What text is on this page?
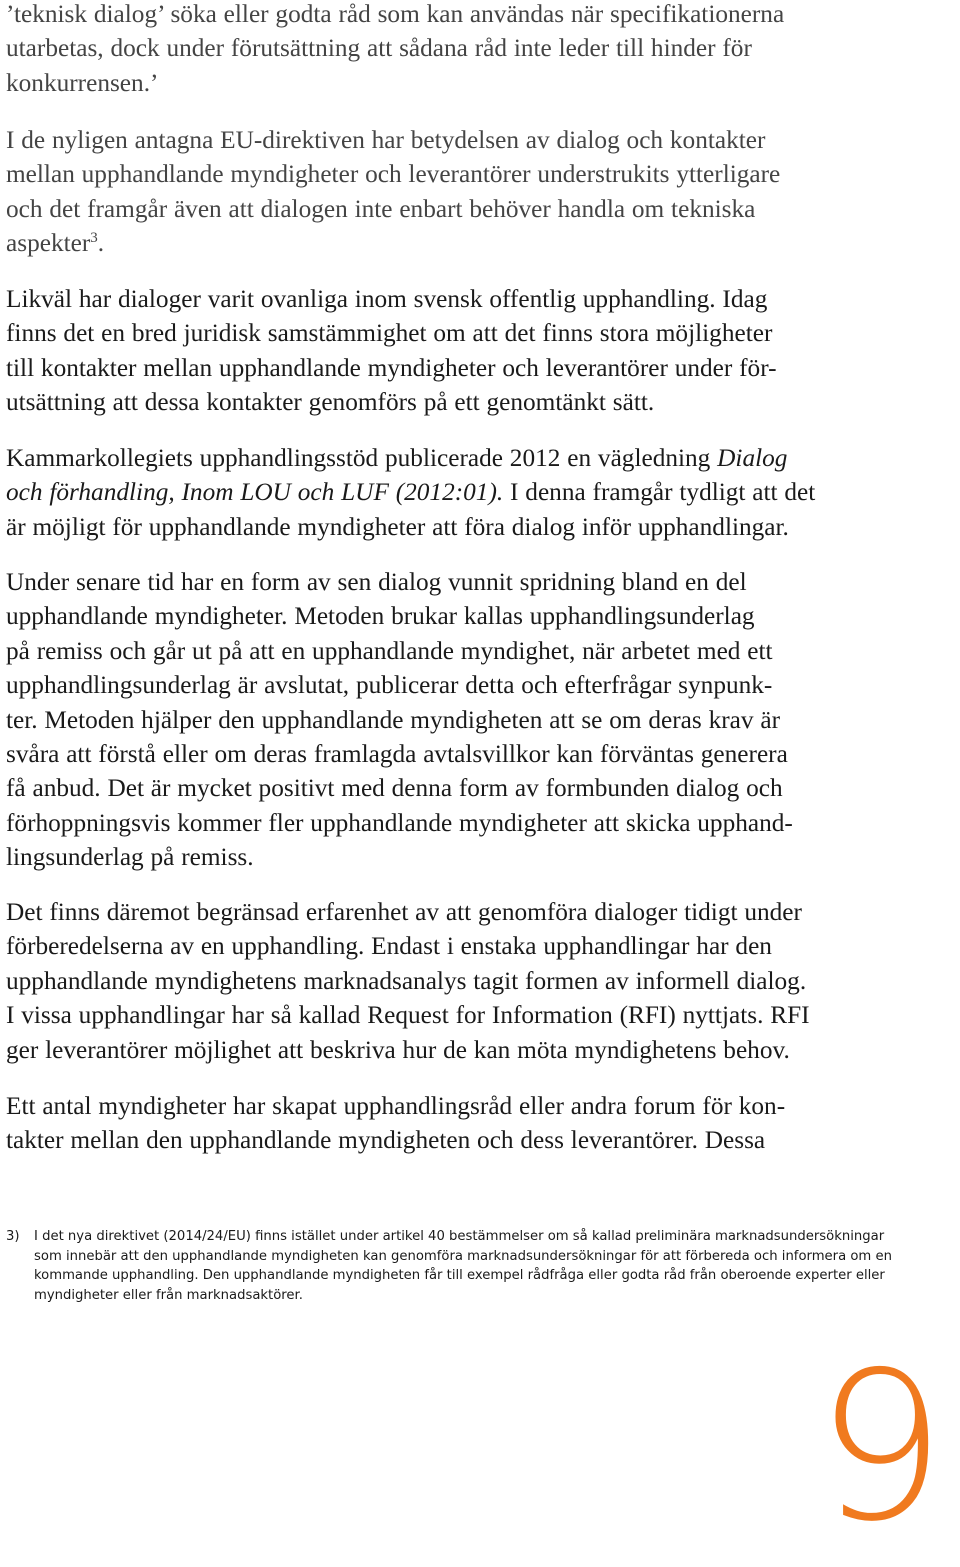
’teknisk dialog’ söka eller godta råd som kan användas när specifikationerna
utarbetas, dock under förutsättning att sådana råd inte leder till hinder för
konkurrensen.’

I de nyligen antagna EU-direktiven har betydelsen av dialog och kontakter
mellan upphandlande myndigheter och leverantörer understrukits ytterligare
och det framgår även att dialogen inte enbart behöver handla om tekniska
aspekter$^3$.

Likväl har dialoger varit ovanliga inom svensk offentlig upphandling. Idag
finns det en bred juridisk samstämmighet om att det finns stora möjligheter
till kontakter mellan upphandlande myndigheter och leverantörer under för-
utsättning att dessa kontakter genomförs på ett genomtänkt sätt.

Kammarkollegiets upphandlingsstöd publicerade 2012 en vägledning Dialog
och förhandling, Inom LOU och LUF (2012:01). I denna framgår tydligt att det
är möjligt för upphandlande myndigheter att föra dialog inför upphandlingar.

Under senare tid har en form av sen dialog vunnit spridning bland en del
upphandlande myndigheter. Metoden brukar kallas upphandlingsunderlag
på remiss och går ut på att en upphandlande myndighet, när arbetet med ett
upphandlingsunderlag är avslutat, publicerar detta och efterfrågar synpunk-
ter. Metoden hjälper den upphandlande myndigheten att se om deras krav är
svåra att förstå eller om deras framlagda avtalsvillkor kan förväntas generera
få anbud. Det är mycket positivt med denna form av formbunden dialog och
förhoppningsvis kommer fler upphandlande myndigheter att skicka upphand-
lingsunderlag på remiss.

Det finns däremot begränsad erfarenhet av att genomföra dialoger tidigt under
förberedelserna av en upphandling. Endast i enstaka upphandlingar har den
upphandlande myndighetens marknadsanalys tagit formen av informell dialog.
I vissa upphandlingar har så kallad Request for Information (RFI) nyttjats. RFI
ger leverantörer möjlighet att beskriva hur de kan möta myndighetens behov.

Ett antal myndigheter har skapat upphandlingsråd eller andra forum för kon-
takter mellan den upphandlande myndigheten och dess leverantörer. Dessa

3) I det nya direktivet (2014/24/EU) finns istället under artikel 40 bestämmelser om så kallad preliminära marknadsundersökningar
som innebär att den upphandlande myndigheten kan genomföra marknadsundersökningar för att förbereda och informera om en
kommande upphandling. Den upphandlande myndigheten får till exempel rådfråga eller godta råd från oberoende experter eller
myndigheter eller från marknadsaktörer.
9
